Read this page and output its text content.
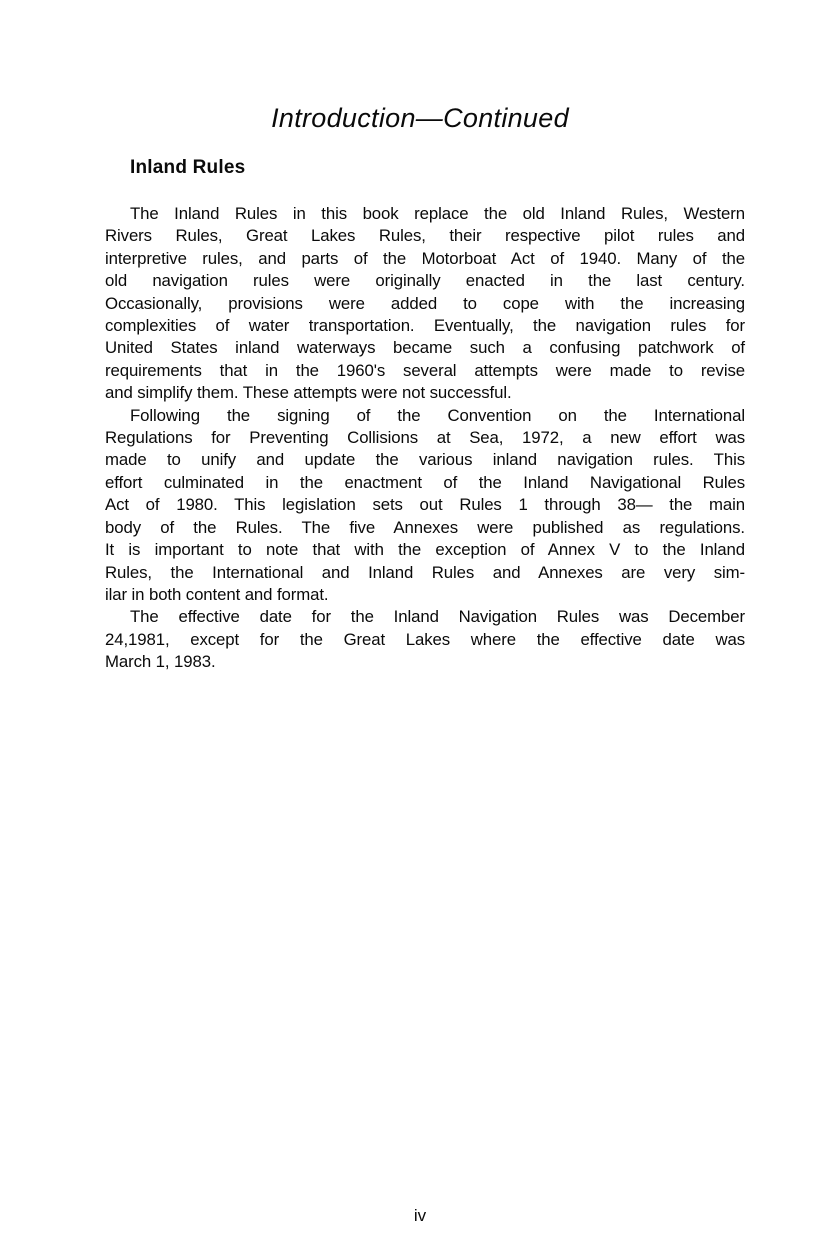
Introduction—Continued
Inland Rules
The Inland Rules in this book replace the old Inland Rules, Western
Rivers Rules, Great Lakes Rules, their respective pilot rules and
interpretive rules, and parts of the Motorboat Act of 1940. Many of the
old navigation rules were originally enacted in the last century.
Occasionally, provisions were added to cope with the increasing
complexities of water transportation. Eventually, the navigation rules for
United States inland waterways became such a confusing patchwork of
requirements that in the 1960's several attempts were made to revise
and simplify them. These attempts were not successful.
Following the signing of the Convention on the International
Regulations for Preventing Collisions at Sea, 1972, a new effort was
made to unify and update the various inland navigation rules. This
effort culminated in the enactment of the Inland Navigational Rules
Act of 1980. This legislation sets out Rules 1 through 38— the main
body of the Rules. The five Annexes were published as regulations.
It is important to note that with the exception of Annex V to the Inland
Rules, the International and Inland Rules and Annexes are very sim-
ilar in both content and format.
The effective date for the Inland Navigation Rules was December
24,1981, except for the Great Lakes where the effective date was
March 1, 1983.
iv
